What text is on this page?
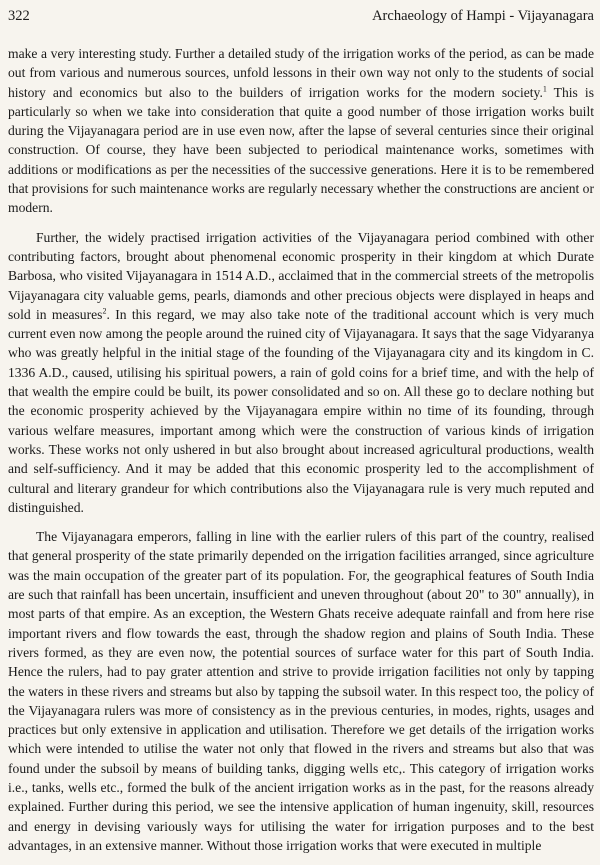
322	Archaeology of Hampi - Vijayanagara

make a very interesting study. Further a detailed study of the irrigation works of the period, as can be made out from various and numerous sources, unfold lessons in their own way not only to the students of social history and economics but also to the builders of irrigation works for the modern society.$^1$ This is particularly so when we take into consideration that quite a good number of those irrigation works built during the Vijayanagara period are in use even now, after the lapse of several centuries since their original construction. Of course, they have been subjected to periodical maintenance works, sometimes with additions or modifications as per the necessities of the successive generations. Here it is to be remembered that provisions for such maintenance works are regularly necessary whether the constructions are ancient or modern.

Further, the widely practised irrigation activities of the Vijayanagara period combined with other contributing factors, brought about phenomenal economic prosperity in their kingdom at which Durate Barbosa, who visited Vijayanagara in 1514 A.D., acclaimed that in the commercial streets of the metropolis Vijayanagara city valuable gems, pearls, diamonds and other precious objects were displayed in heaps and sold in measures$^2$. In this regard, we may also take note of the traditional account which is very much current even now among the people around the ruined city of Vijayanagara. It says that the sage Vidyaranya who was greatly helpful in the initial stage of the founding of the Vijayanagara city and its kingdom in C. 1336 A.D., caused, utilising his spiritual powers, a rain of gold coins for a brief time, and with the help of that wealth the empire could be built, its power consolidated and so on. All these go to declare nothing but the economic prosperity achieved by the Vijayanagara empire within no time of its founding, through various welfare measures, important among which were the construction of various kinds of irrigation works. These works not only ushered in but also brought about increased agricultural productions, wealth and self-sufficiency. And it may be added that this economic prosperity led to the accomplishment of cultural and literary grandeur for which contributions also the Vijayanagara rule is very much reputed and distinguished.

The Vijayanagara emperors, falling in line with the earlier rulers of this part of the country, realised that general prosperity of the state primarily depended on the irrigation facilities arranged, since agriculture was the main occupation of the greater part of its population. For, the geographical features of South India are such that rainfall has been uncertain, insufficient and uneven throughout (about 20" to 30" annually), in most parts of that empire. As an exception, the Western Ghats receive adequate rainfall and from here rise important rivers and flow towards the east, through the shadow region and plains of South India. These rivers formed, as they are even now, the potential sources of surface water for this part of South India. Hence the rulers, had to pay grater attention and strive to provide irrigation facilities not only by tapping the waters in these rivers and streams but also by tapping the subsoil water. In this respect too, the policy of the Vijayanagara rulers was more of consistency as in the previous centuries, in modes, rights, usages and practices but only extensive in application and utilisation. Therefore we get details of the irrigation works which were intended to utilise the water not only that flowed in the rivers and streams but also that was found under the subsoil by means of building tanks, digging wells etc,. This category of irrigation works i.e., tanks, wells etc., formed the bulk of the ancient irrigation works as in the past, for the reasons already explained. Further during this period, we see the intensive application of human ingenuity, skill, resources and energy in devising variously ways for utilising the water for irrigation purposes and to the best advantages, in an extensive manner. Without those irrigation works that were executed in multiple
